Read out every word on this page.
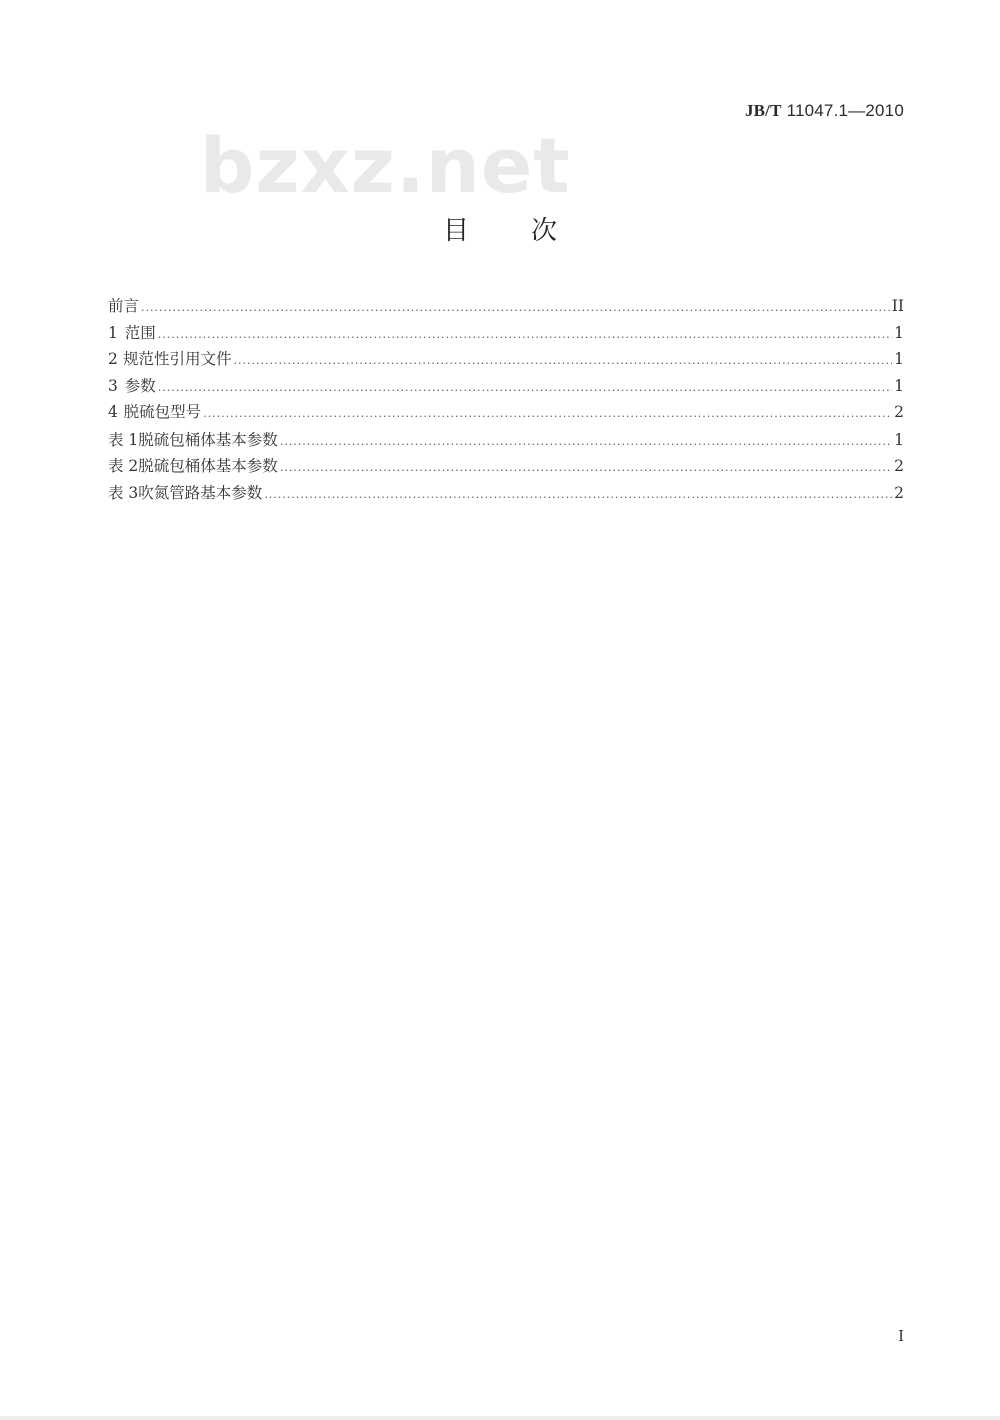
JB/T 11047.1—2010
bzxz.net
目 次
前言 .....	II
1 范围 .....	1
2 规范性引用文件 .....	1
3 参数 .....	1
4 脱硫包型号 .....	2
表 1 脱硫包桶体基本参数 .....	1
表 2 脱硫包桶体基本参数 .....	2
表 3 吹氮管路基本参数 .....	2
I
